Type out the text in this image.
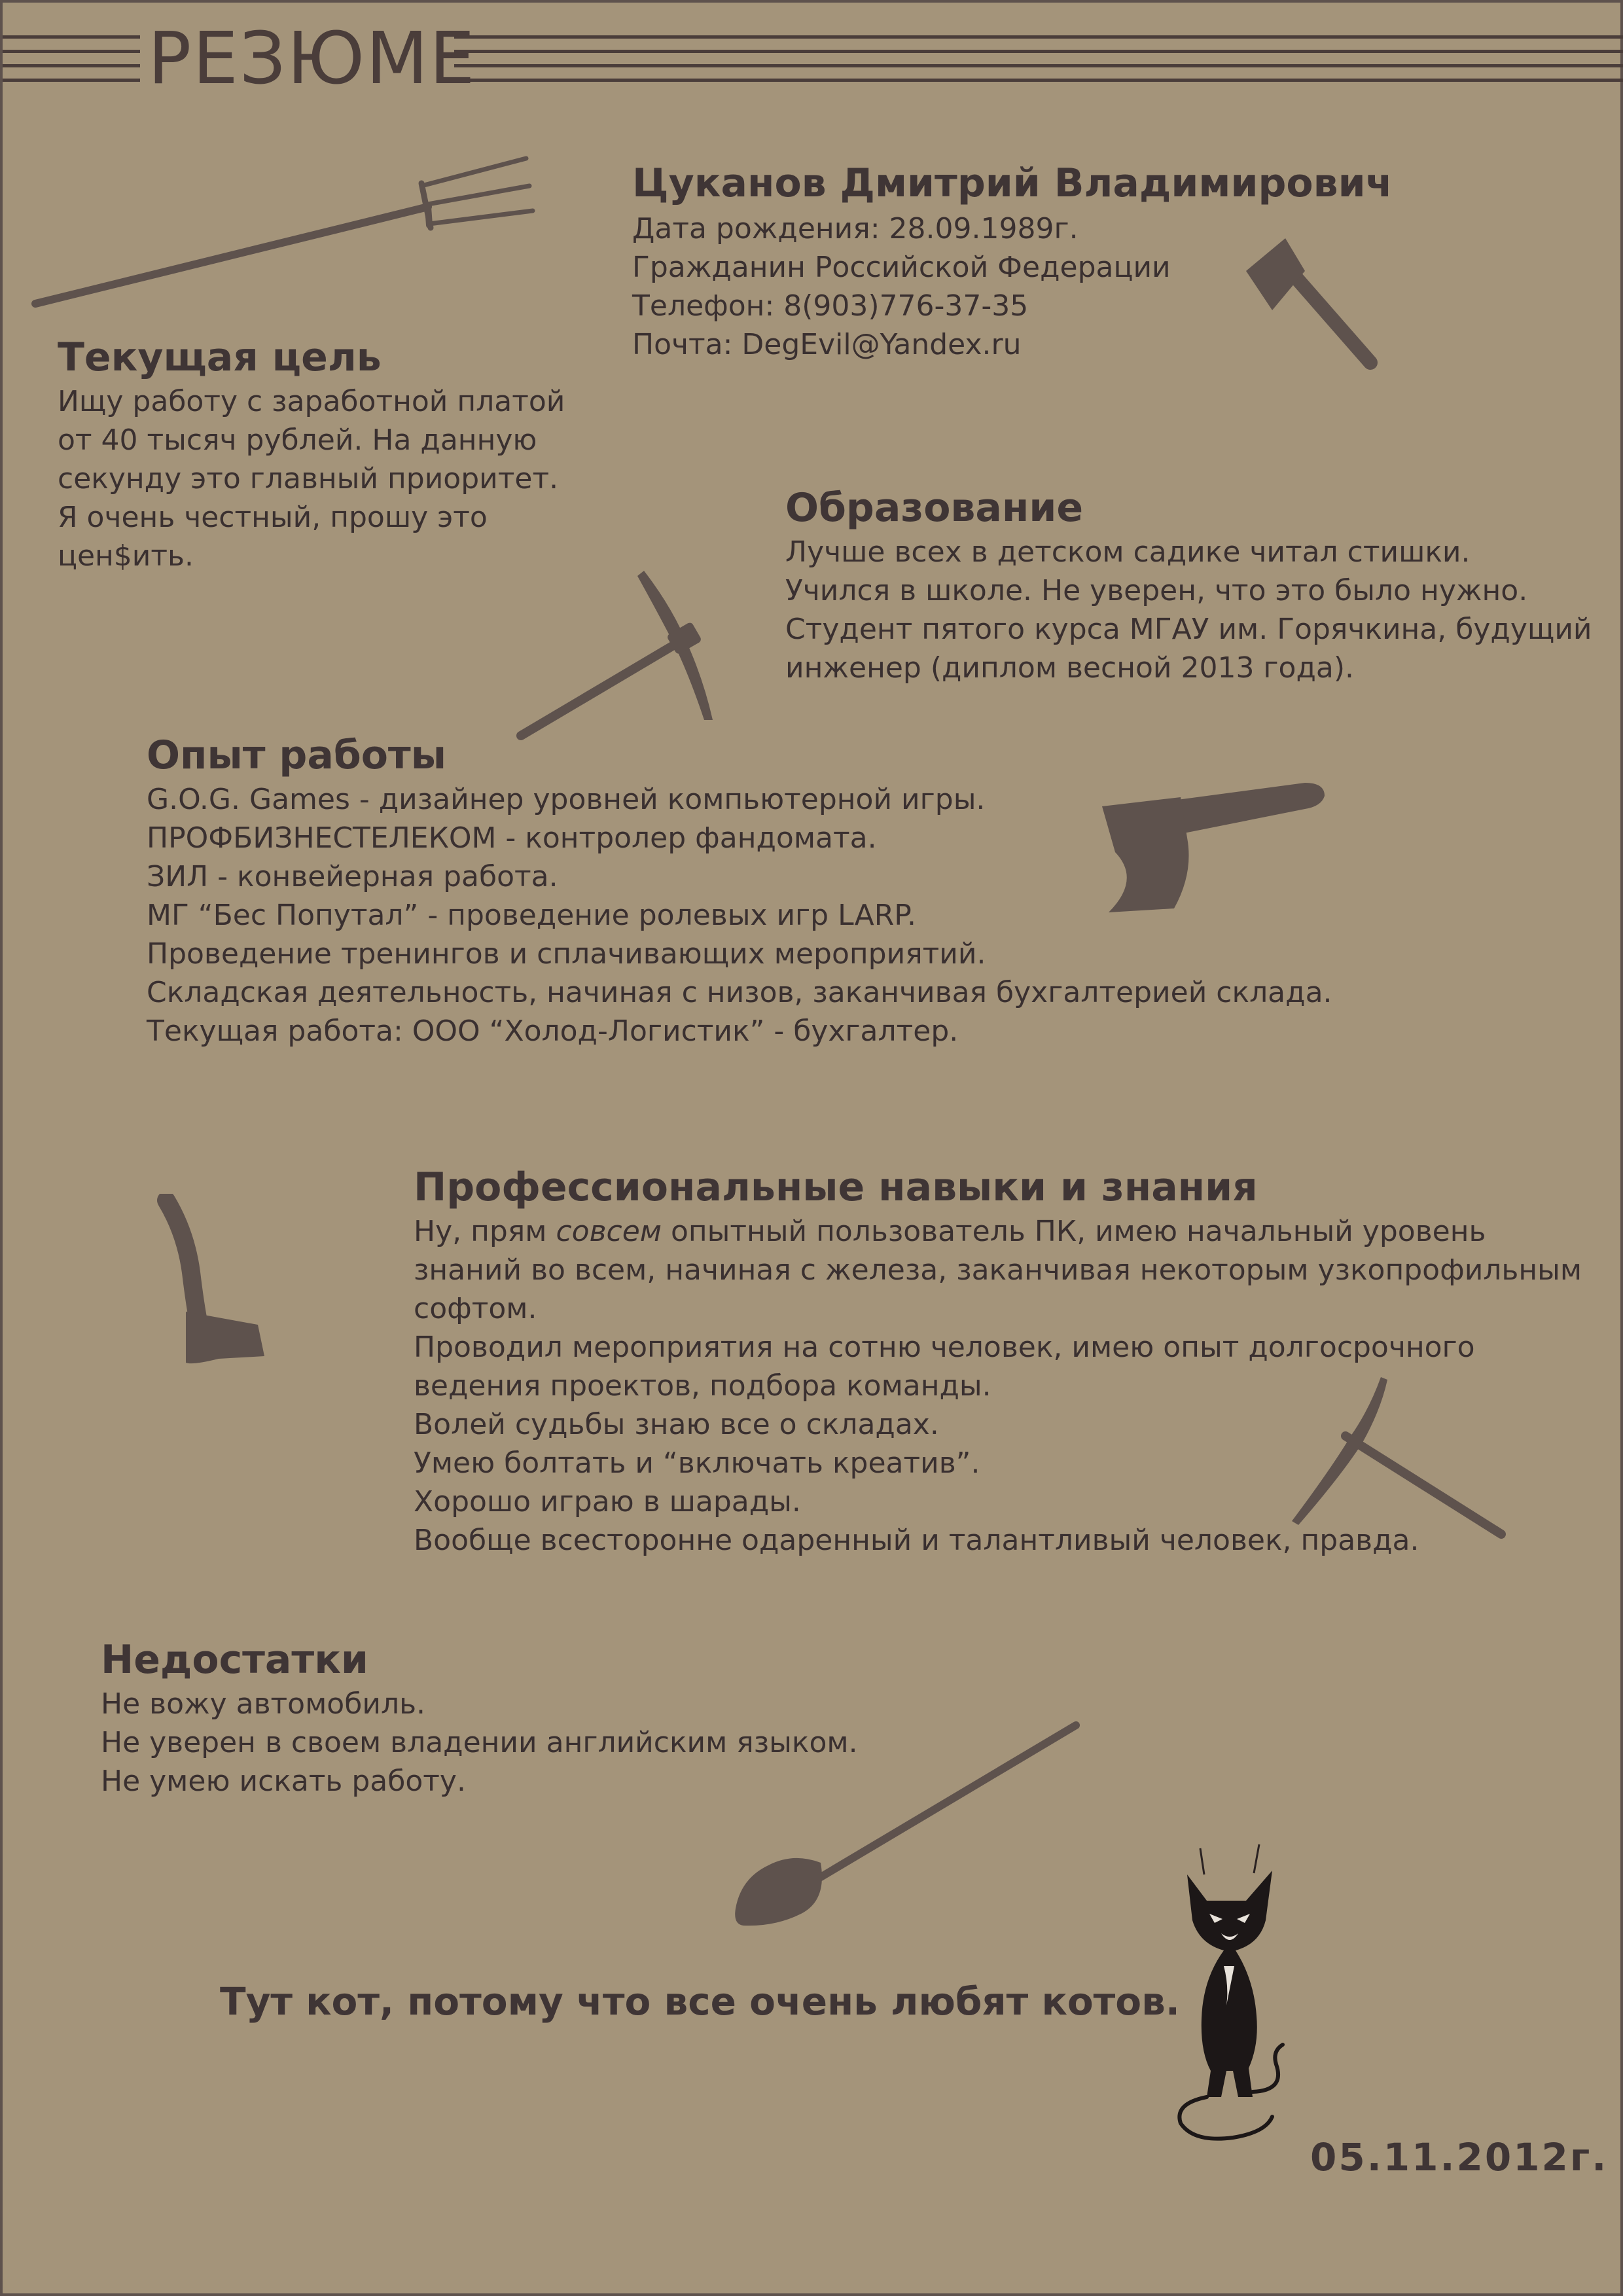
РЕЗЮМЕ

Цуканов Дмитрий Владимирович

Дата рождения: 28.09.1989г.

Гражданин Российской Федерации

Телефон: 8(903)776-37-35

Почта: DegEvil@Yandex.ru

Текущая цель

Ищу работу с заработной платой

от 40 тысяч рублей. На данную

секунду это главный приоритет.

Я очень честный, прошу это

цен$ить.

Образование

Лучше всех в детском садике читал стишки.

Учился в школе. Не уверен, что это было нужно.

Студент пятого курса МГАУ им. Горячкина, будущий

инженер (диплом весной 2013 года).

Опыт работы

G.O.G. Games - дизайнер уровней компьютерной игры.

ПРОФБИЗНЕСТЕЛЕКОМ - контролер фандомата.

ЗИЛ - конвейерная работа.

МГ “Бес Попутал” - проведение ролевых игр LARP.

Проведение тренингов и сплачивающих мероприятий.

Складская деятельность, начиная с низов, заканчивая бухгалтерией склада.

Текущая работа: ООО “Холод-Логистик” - бухгалтер.

Профессиональные навыки и знания

Ну, прям совсем опытный пользователь ПК, имею начальный уровень

знаний во всем, начиная с железа, заканчивая некоторым узкопрофильным

софтом.

Проводил мероприятия на сотню человек, имею опыт долгосрочного

ведения проектов, подбора команды.

Волей судьбы знаю все о складах.

Умею болтать и “включать креатив”.

Хорошо играю в шарады.

Вообще всесторонне одаренный и талантливый человек, правда.

Недостатки

Не вожу автомобиль.

Не уверен в своем владении английским языком.

Не умею искать работу.

Тут кот, потому что все очень любят котов.
05.11.2012г.
